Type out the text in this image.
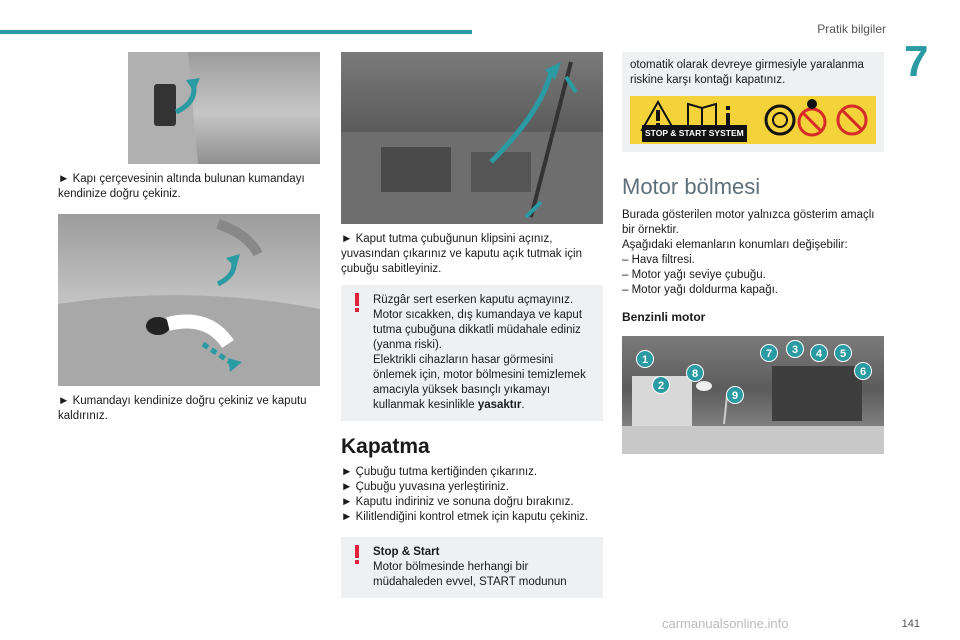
Pratik bilgiler
7
► Kapı çerçevesinin altında bulunan kumandayı kendinize doğru çekiniz.
► Kumandayı kendinize doğru çekiniz ve kaputu kaldırınız.
► Kaput tutma çubuğunun klipsini açınız, yuvasından çıkarınız ve kaputu açık tutmak için çubuğu sabitleyiniz.
Rüzgâr sert eserken kaputu açmayınız.
Motor sıcakken, dış kumandaya ve kaput tutma çubuğuna dikkatli müdahale ediniz (yanma riski).
Elektrikli cihazların hasar görmesini önlemek için, motor bölmesini temizlemek amacıyla yüksek basınçlı yıkamayı kullanmak kesinlikle yasaktır.
Kapatma
► Çubuğu tutma kertiğinden çıkarınız.
► Çubuğu yuvasına yerleştiriniz.
► Kaputu indiriniz ve sonuna doğru bırakınız.
► Kilitlendiğini kontrol etmek için kaputu çekiniz.
Stop & Start
Motor bölmesinde herhangi bir müdahaleden evvel, START modunun
otomatik olarak devreye girmesiyle yaralanma riskine karşı kontağı kapatınız.
STOP & START SYSTEM
Motor bölmesi
Burada gösterilen motor yalnızca gösterim amaçlı bir örnektir.
Aşağıdaki elemanların konumları değişebilir:
– Hava filtresi.
– Motor yağı seviye çubuğu.
– Motor yağı doldurma kapağı.
Benzinli motor
1
2
8
9
7	3	4	5
6
carmanualsonline.info	141
